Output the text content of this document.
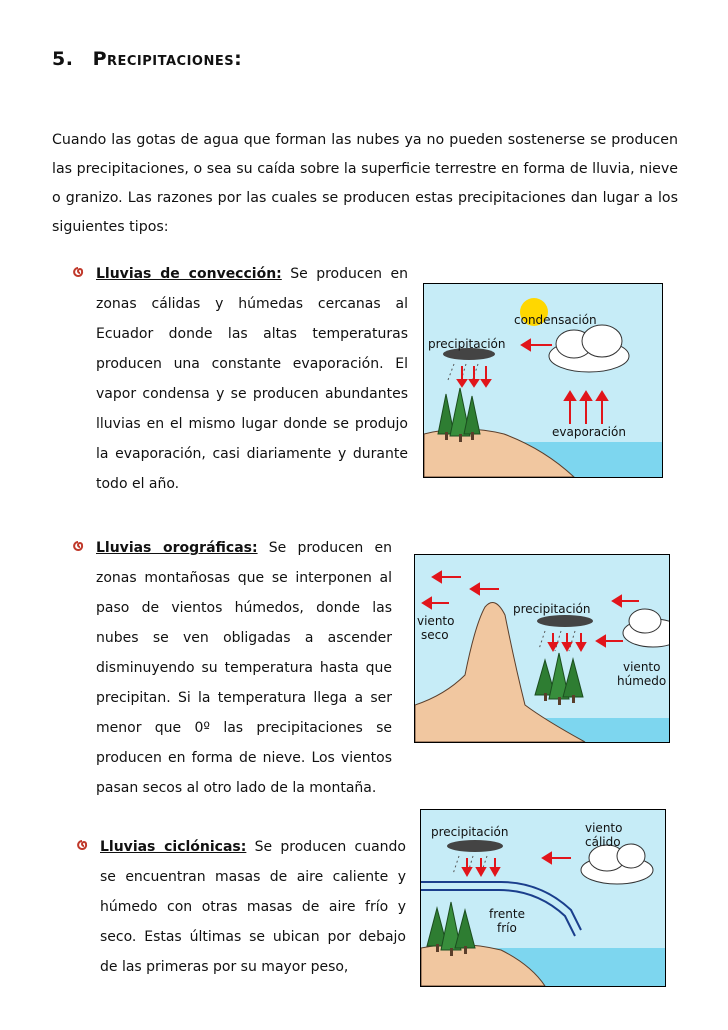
5. Precipitaciones:

Cuando las gotas de agua que forman las nubes ya no pueden sostenerse se producen las precipitaciones, o sea su caída sobre la superficie terrestre en forma de lluvia, nieve o granizo. Las razones por las cuales se producen estas precipitaciones dan lugar a los siguientes tipos:

Lluvias de convección: Se producen en zonas cálidas y húmedas cercanas al Ecuador donde las altas temperaturas producen una constante evaporación. El vapor condensa y se producen abundantes lluvias en el mismo lugar donde se produjo la evaporación, casi diariamente y durante todo el año.
Lluvias orográficas: Se producen en zonas montañosas que se interponen al paso de vientos húmedos, donde las nubes se ven obligadas a ascender disminuyendo su temperatura hasta que precipitan. Si la temperatura llega a ser menor que 0º las precipitaciones se producen en forma de nieve. Los vientos pasan secos al otro lado de la montaña.
Lluvias ciclónicas: Se producen cuando se encuentran masas de aire caliente y húmedo con otras masas de aire frío y seco. Estas últimas se ubican por debajo de las primeras por su mayor peso,
condensación
precipitación
evaporación
precipitación
viento
seco
viento
húmedo
precipitación	viento
cálido
frente
frío
